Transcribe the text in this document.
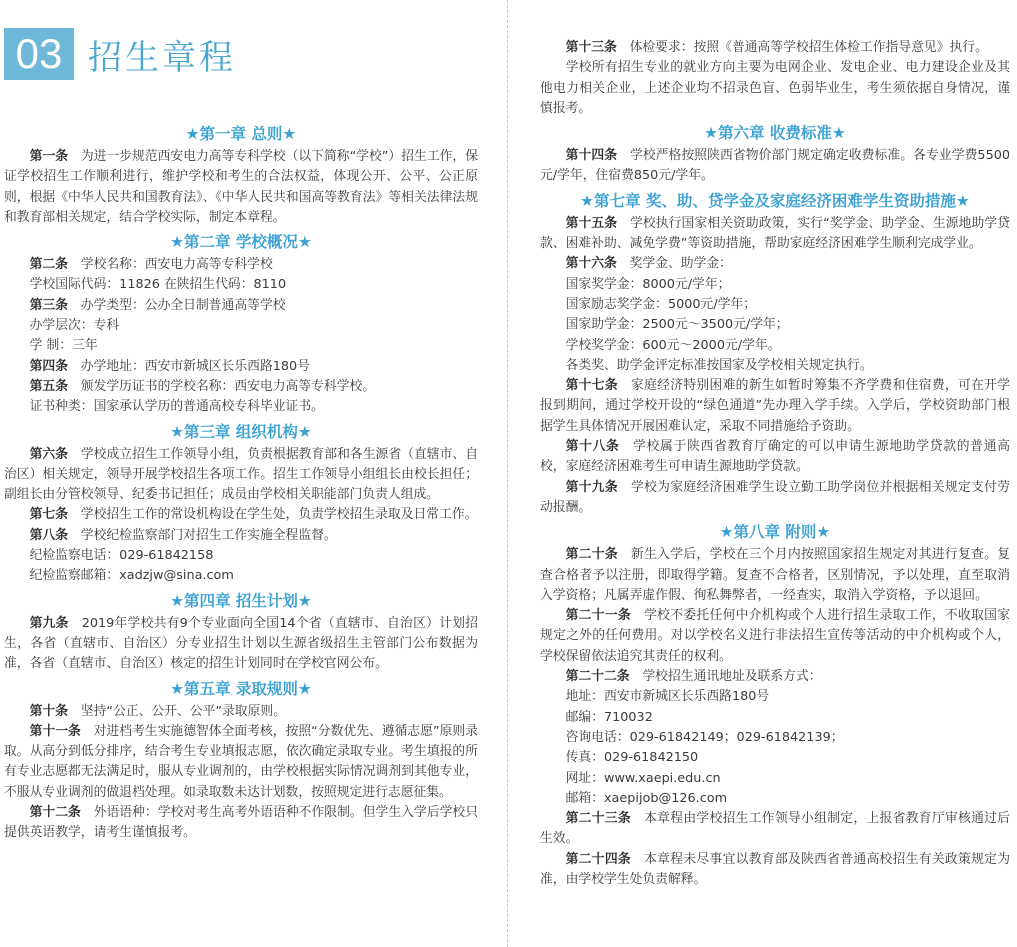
03 招生章程
★第一章 总则★

第一条　 为进一步规范西安电力高等专科学校（以下简称“学校”）招生工作，保证学校招生工作顺利进行，维护学校和考生的合法权益，体现公开、公平、公正原则，根据《中华人民共和国教育法》、《中华人民共和国高等教育法》等相关法律法规和教育部相关规定，结合学校实际，制定本章程。

★第二章 学校概况★

第二条　 学校名称：西安电力高等专科学校

学校国际代码：11826 在陕招生代码：8110

第三条　 办学类型：公办全日制普通高等学校

办学层次：专科

学 制：三年

第四条　 办学地址：西安市新城区长乐西路180号

第五条　 颁发学历证书的学校名称：西安电力高等专科学校。

证书种类：国家承认学历的普通高校专科毕业证书。

★第三章 组织机构★

第六条　 学校成立招生工作领导小组，负责根据教育部和各生源省（直辖市、自治区）相关规定，领导开展学校招生各项工作。招生工作领导小组组长由校长担任；副组长由分管校领导、纪委书记担任；成员由学校相关职能部门负责人组成。

第七条　 学校招生工作的常设机构设在学生处，负责学校招生录取及日常工作。

第八条　 学校纪检监察部门对招生工作实施全程监督。

纪检监察电话：029-61842158

纪检监察邮箱：xadzjw@sina.com

★第四章 招生计划★

第九条　 2019年学校共有9个专业面向全国14个省（直辖市、自治区）计划招生，各省（直辖市、自治区）分专业招生计划以生源省级招生主管部门公布数据为准，各省（直辖市、自治区）核定的招生计划同时在学校官网公布。

★第五章 录取规则★

第十条　 坚持“公正、公开、公平”录取原则。

第十一条　 对进档考生实施德智体全面考核，按照“分数优先、遵循志愿”原则录取。从高分到低分排序，结合考生专业填报志愿，依次确定录取专业。考生填报的所有专业志愿都无法满足时，服从专业调剂的，由学校根据实际情况调剂到其他专业，不服从专业调剂的做退档处理。如录取数未达计划数，按照规定进行志愿征集。

第十二条　 外语语种：学校对考生高考外语语种不作限制。但学生入学后学校只提供英语教学，请考生谨慎报考。

第十三条　 体检要求：按照《普通高等学校招生体检工作指导意见》执行。

学校所有招生专业的就业方向主要为电网企业、发电企业、电力建设企业及其他电力相关企业，上述企业均不招录色盲、色弱毕业生，考生须依据自身情况，谨慎报考。

★第六章 收费标准★

第十四条　 学校严格按照陕西省物价部门规定确定收费标准。各专业学费5500元/学年，住宿费850元/学年。

★第七章 奖、助、贷学金及家庭经济困难学生资助措施★

第十五条　 学校执行国家相关资助政策，实行“奖学金、助学金、生源地助学贷款、困难补助、减免学费”等资助措施，帮助家庭经济困难学生顺利完成学业。

第十六条　 奖学金、助学金：

国家奖学金：8000元/学年；

国家励志奖学金：5000元/学年；

国家助学金：2500元～3500元/学年；

学校奖学金：600元～2000元/学年。

各类奖、助学金评定标准按国家及学校相关规定执行。

第十七条　 家庭经济特别困难的新生如暂时筹集不齐学费和住宿费，可在开学报到期间，通过学校开设的“绿色通道”先办理入学手续。入学后，学校资助部门根据学生具体情况开展困难认定，采取不同措施给予资助。

第十八条　 学校属于陕西省教育厅确定的可以申请生源地助学贷款的普通高校，家庭经济困难考生可申请生源地助学贷款。

第十九条　 学校为家庭经济困难学生设立勤工助学岗位并根据相关规定支付劳动报酬。

★第八章 附则★

第二十条　 新生入学后，学校在三个月内按照国家招生规定对其进行复查。复查合格者予以注册，即取得学籍。复查不合格者，区别情况，予以处理，直至取消入学资格；凡属弄虚作假、徇私舞弊者，一经查实，取消入学资格，予以退回。

第二十一条　 学校不委托任何中介机构或个人进行招生录取工作，不收取国家规定之外的任何费用。对以学校名义进行非法招生宣传等活动的中介机构或个人，学校保留依法追究其责任的权利。

第二十二条　 学校招生通讯地址及联系方式：

地址：西安市新城区长乐西路180号

邮编：710032

咨询电话：029-61842149；029-61842139；

传真：029-61842150

网址：www.xaepi.edu.cn

邮箱：xaepijob@126.com

第二十三条　 本章程由学校招生工作领导小组制定，上报省教育厅审核通过后生效。

第二十四条　 本章程未尽事宜以教育部及陕西省普通高校招生有关政策规定为准，由学校学生处负责解释。
